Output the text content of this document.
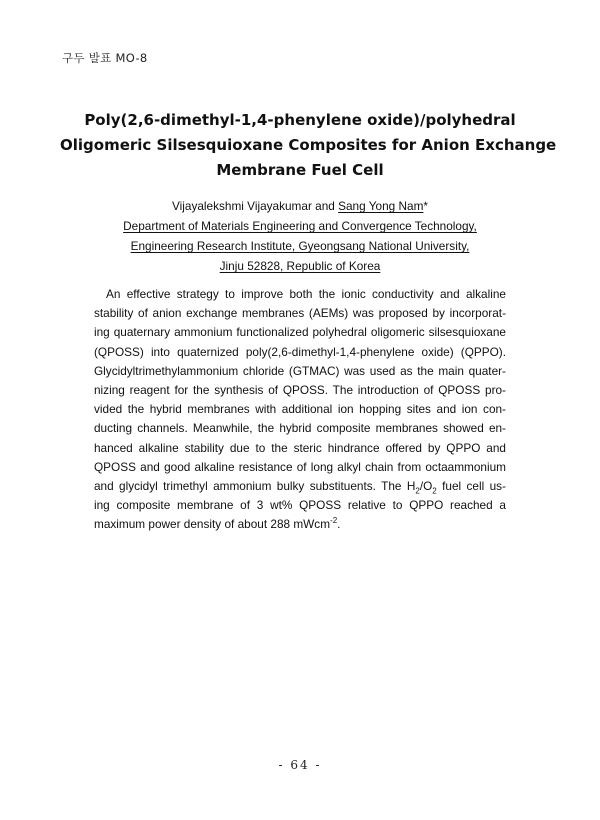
구두 발표 MO-8
Poly(2,6-dimethyl-1,4-phenylene oxide)/polyhedral
Oligomeric Silsesquioxane Composites for Anion Exchange
Membrane Fuel Cell
Vijayalekshmi Vijayakumar and Sang Yong Nam*
Department of Materials Engineering and Convergence Technology,
Engineering Research Institute, Gyeongsang National University,
Jinju 52828, Republic of Korea
An effective strategy to improve both the ionic conductivity and alkaline
stability of anion exchange membranes (AEMs) was proposed by incorporat-
ing quaternary ammonium functionalized polyhedral oligomeric silsesquioxane
(QPOSS) into quaternized poly(2,6-dimethyl-1,4-phenylene oxide) (QPPO).
Glycidyltrimethylammonium chloride (GTMAC) was used as the main quater-
nizing reagent for the synthesis of QPOSS. The introduction of QPOSS pro-
vided the hybrid membranes with additional ion hopping sites and ion con-
ducting channels. Meanwhile, the hybrid composite membranes showed en-
hanced alkaline stability due to the steric hindrance offered by QPPO and
QPOSS and good alkaline resistance of long alkyl chain from octaammonium
and glycidyl trimethyl ammonium bulky substituents. The $H_2/O_2$ fuel cell us-
ing composite membrane of 3 wt% QPOSS relative to QPPO reached a
maximum power density of about 288 mWcm$^{-2}$.
- 64 -
